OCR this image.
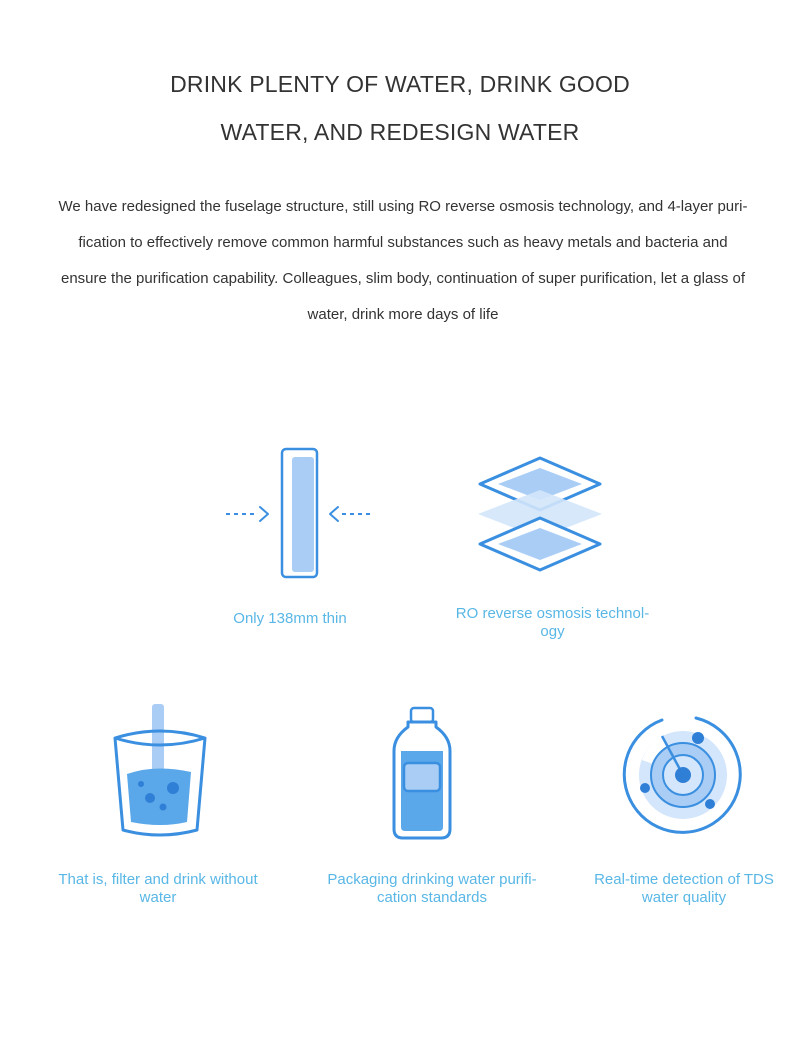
DRINK PLENTY OF WATER, DRINK GOOD
WATER, AND REDESIGN WATER

We have redesigned the fuselage structure, still using RO reverse osmosis technology, and 4-layer puri-

fication to effectively remove common harmful substances such as heavy metals and bacteria and

ensure the purification capability. Colleagues, slim body, continuation of super purification, let a glass of

water, drink more days of life

Only 138mm thin	RO reverse osmosis technol-
ogy

That is, filter and drink without
water

Packaging drinking water purifi-
cation standards

Real-time detection of TDS
water quality
